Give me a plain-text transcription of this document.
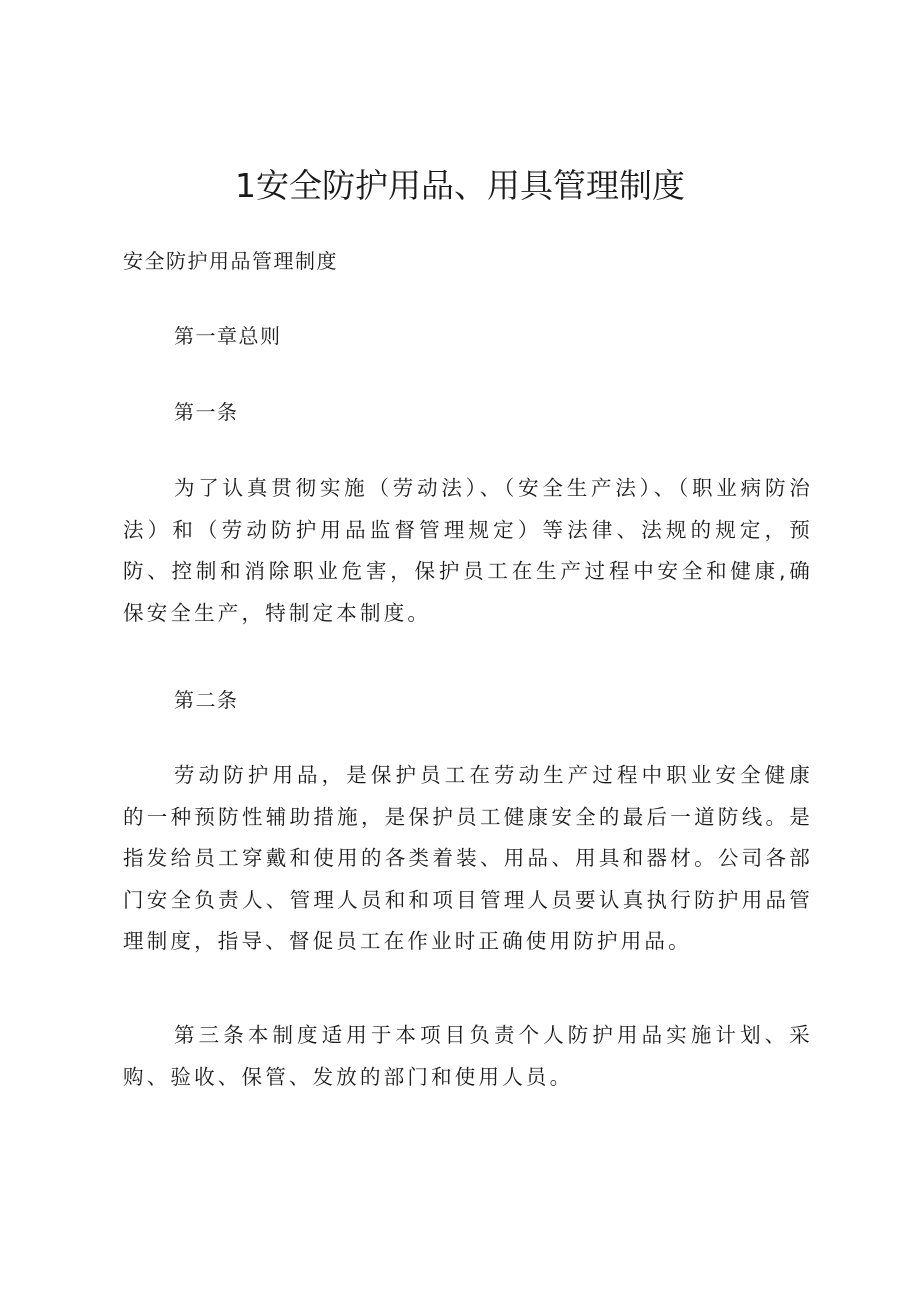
1安全防护用品、用具管理制度

安全防护用品管理制度

第一章总则

第一条

为了认真贯彻实施（劳动法）、（安全生产法）、（职业病防治法）和（劳动防护用品监督管理规定）等法律、法规的规定，预防、控制和消除职业危害，保护员工在生产过程中安全和健康,确保安全生产，特制定本制度。

第二条

劳动防护用品，是保护员工在劳动生产过程中职业安全健康的一种预防性辅助措施，是保护员工健康安全的最后一道防线。是指发给员工穿戴和使用的各类着装、用品、用具和器材。公司各部门安全负责人、管理人员和和项目管理人员要认真执行防护用品管理制度，指导、督促员工在作业时正确使用防护用品。

第三条本制度适用于本项目负责个人防护用品实施计划、采购、验收、保管、发放的部门和使用人员。
